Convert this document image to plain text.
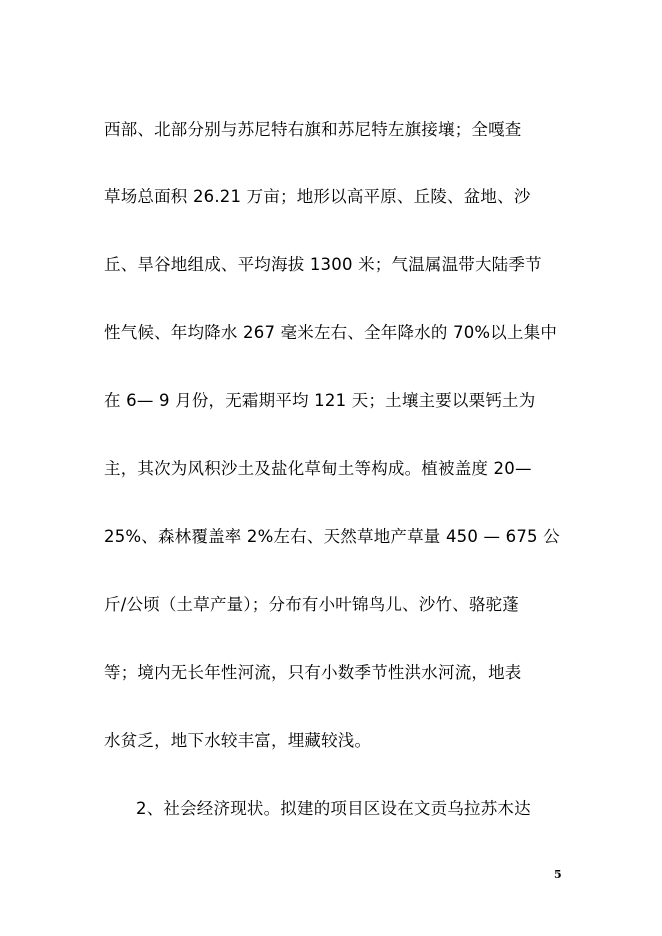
西部、北部分别与苏尼特右旗和苏尼特左旗接壤；全嘎查
草场总面积 26.21 万亩；地形以高平原、丘陵、盆地、沙
丘、旱谷地组成、平均海拔 1300 米；气温属温带大陆季节
性气候、年均降水 267 毫米左右、全年降水的 70%以上集中
在 6— 9 月份，无霜期平均 121 天；土壤主要以栗钙土为
主，其次为风积沙土及盐化草甸土等构成。植被盖度 20—
25%、森林覆盖率 2%左右、天然草地产草量 450 — 675 公
斤/公顷（土草产量）；分布有小叶锦鸟儿、沙竹、骆驼蓬
等；境内无长年性河流，只有小数季节性洪水河流，地表
水贫乏，地下水较丰富，埋藏较浅。
2、社会经济现状。拟建的项目区设在文贡乌拉苏木达
5
